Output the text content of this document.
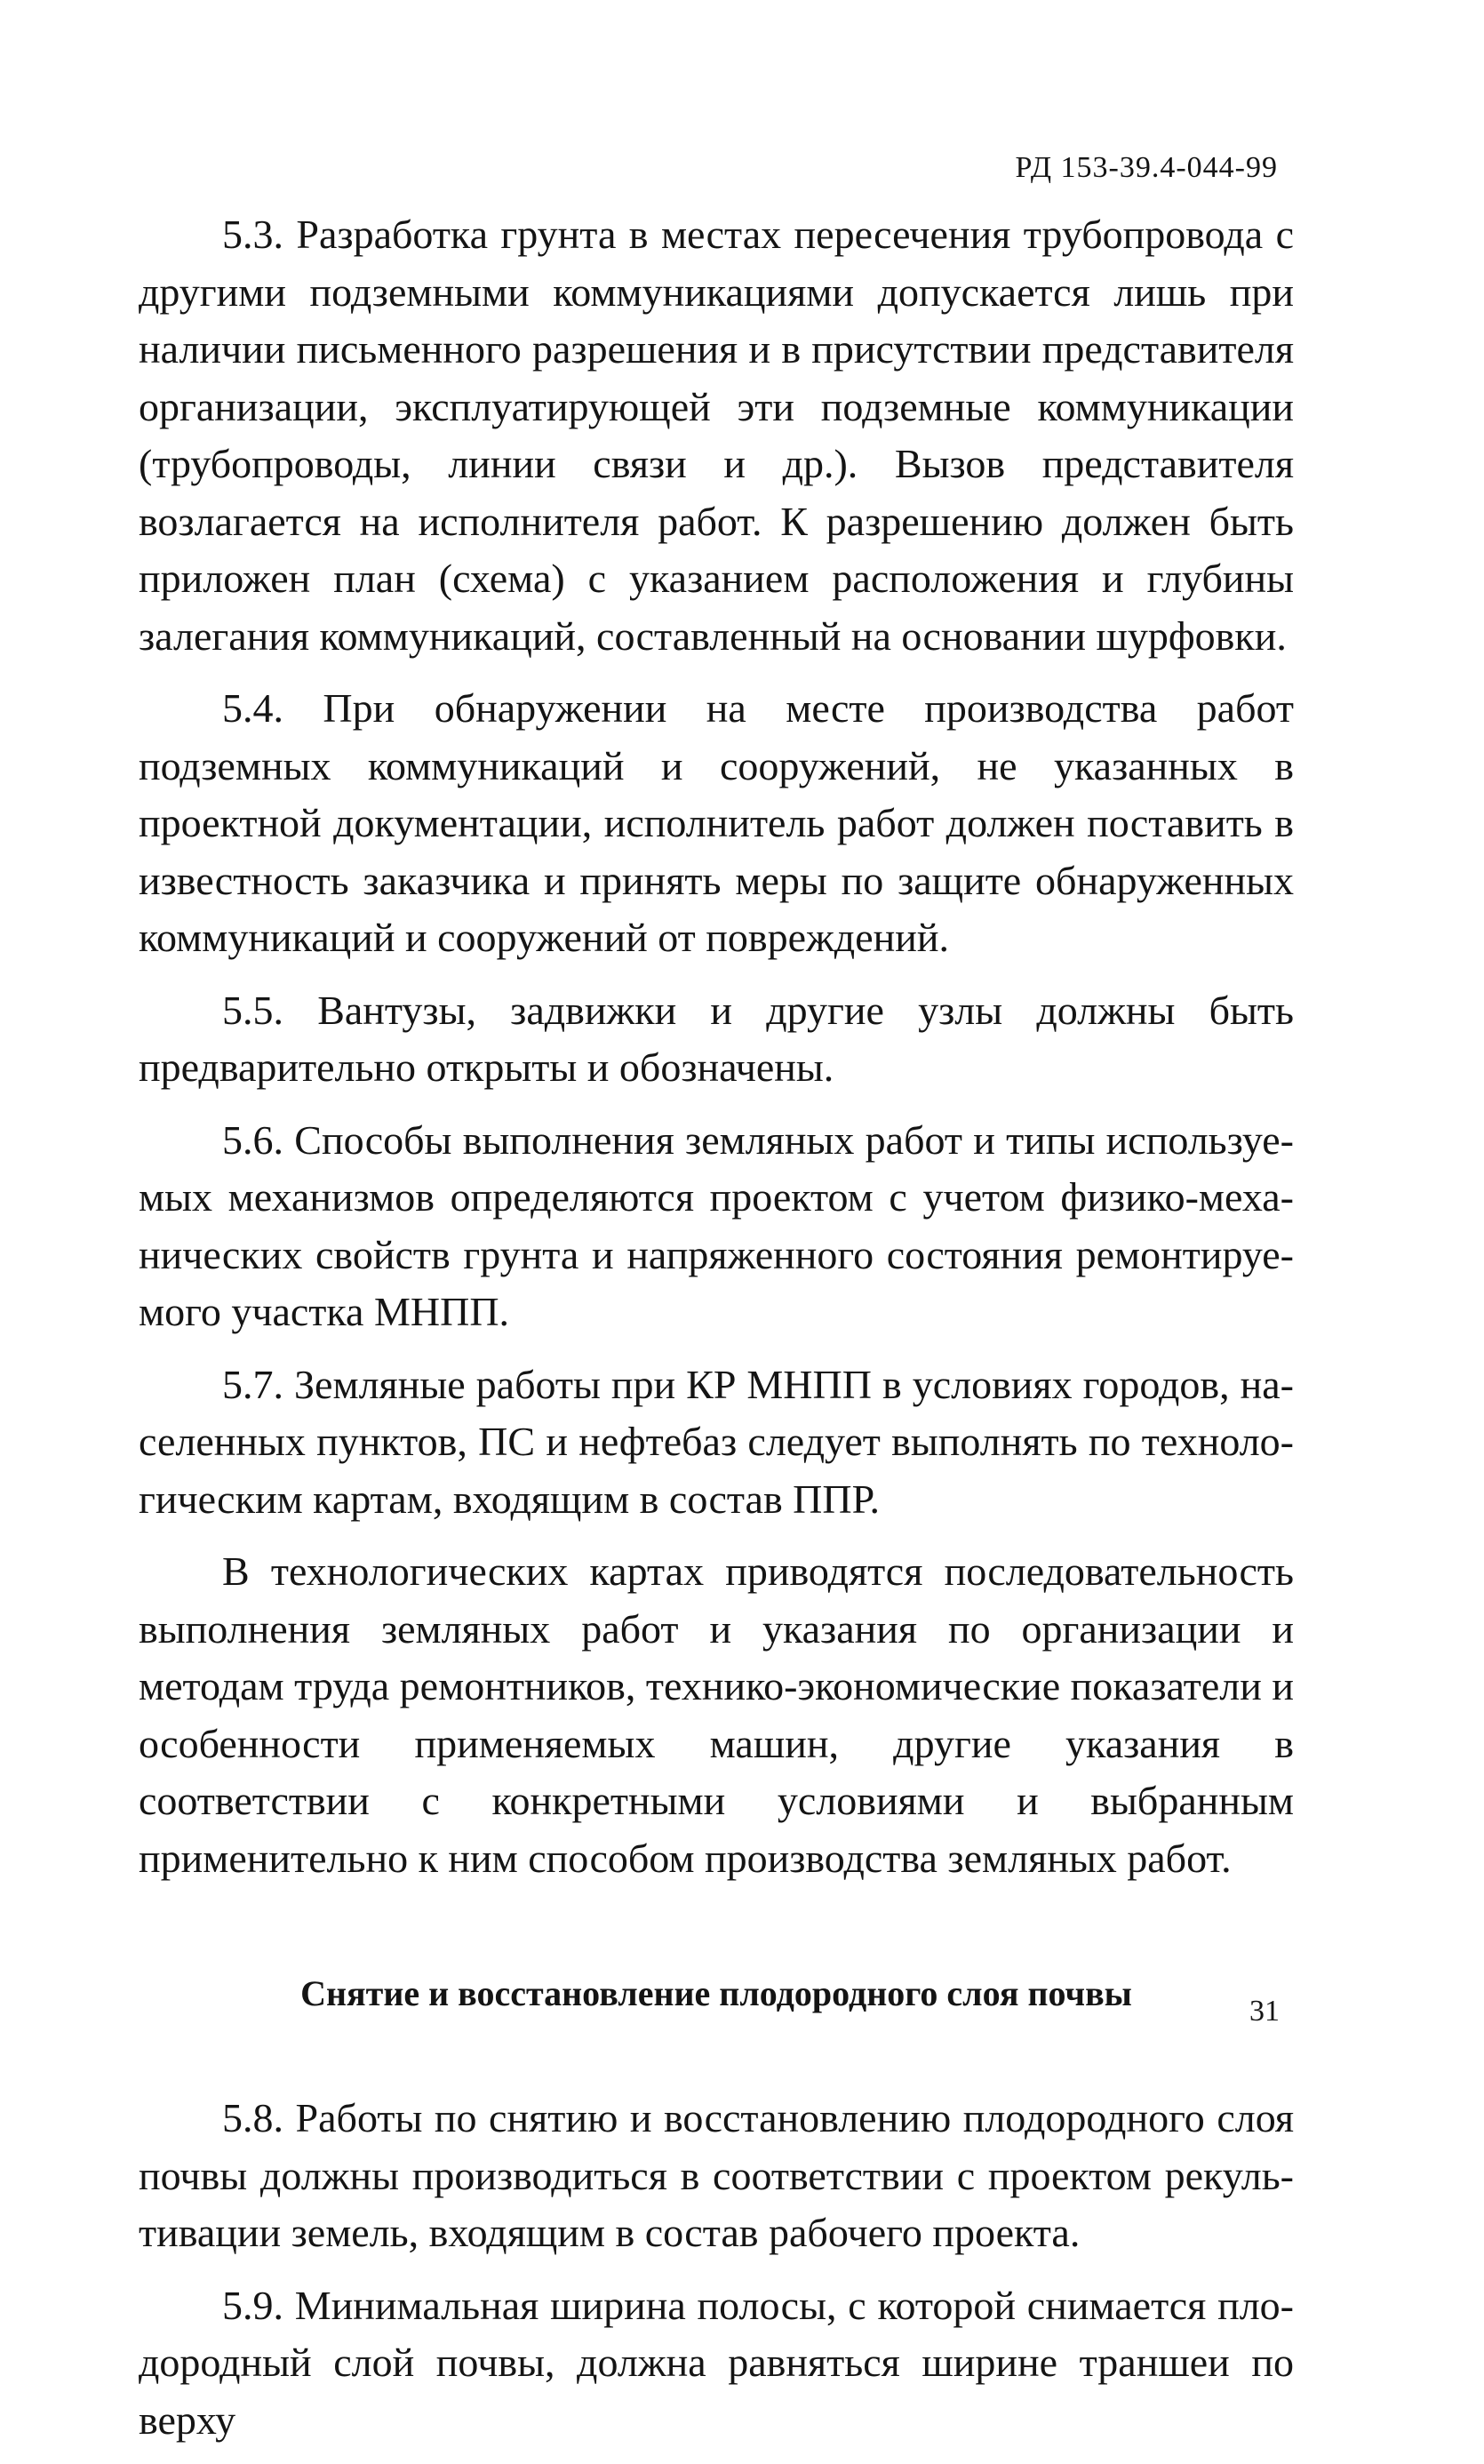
РД 153-39.4-044-99

5.3. Разработка грунта в местах пересечения трубопровода с другими подземными коммуникациями допускается лишь при наличии письменного разрешения и в присутствии представителя организации, эксплуатирующей эти подземные коммуникации (трубопроводы, линии связи и др.). Вызов представителя возлагается на исполнителя работ. К разрешению должен быть приложен план (схема) с указанием расположения и глубины залегания коммуникаций, составленный на основании шурфовки.

5.4. При обнаружении на месте производства работ подземных коммуникаций и сооружений, не указанных в проектной документации, исполнитель работ должен поставить в известность заказчика и принять меры по защите обнаруженных коммуникаций и сооружений от повреждений.

5.5. Вантузы, задвижки и другие узлы должны быть предварительно открыты и обозначены.

5.6. Способы выполнения земляных работ и типы используемых механизмов определяются проектом с учетом физико-механических свойств грунта и напряженного состояния ремонтируемого участка МНПП.

5.7. Земляные работы при КР МНПП в условиях городов, населенных пунктов, ПС и нефтебаз следует выполнять по технологическим картам, входящим в состав ППР.

В технологических картах приводятся последовательность выполнения земляных работ и указания по организации и методам труда ремонтников, технико-экономические показатели и особенности применяемых машин, другие указания в соответствии с конкретными условиями и выбранным применительно к ним способом производства земляных работ.

Снятие и восстановление плодородного слоя почвы

5.8. Работы по снятию и восстановлению плодородного слоя почвы должны производиться в соответствии с проектом рекультивации земель, входящим в состав рабочего проекта.

5.9. Минимальная ширина полосы, с которой снимается плодородный слой почвы, должна равняться ширине траншеи по верху

31
